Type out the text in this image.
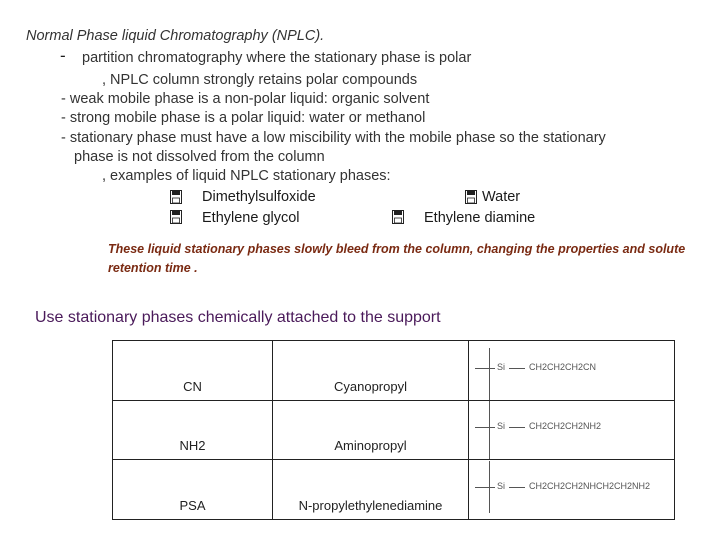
Normal Phase liquid Chromatography (NPLC).
- partition chromatography where the stationary phase is polar
, NPLC column strongly retains polar compounds
- weak mobile phase is a non-polar liquid: organic solvent
- strong mobile phase is a polar liquid: water or methanol
- stationary phase must have a low miscibility with the mobile phase so the stationary
phase is not dissolved from the column
, examples of liquid NPLC stationary phases:
Dimethylsulfoxide	Water
Ethylene glycol	Ethylene diamine
These liquid stationary phases slowly bleed from the column, changing the properties and solute retention time .
Use stationary phases chemically attached to the support
CN	Cyanopropyl	Si CH2CH2CH2CN

NH2	Aminopropyl	Si CH2CH2CH2NH2

PSA	N-propylethylenediamine	Si CH2CH2CH2NHCH2CH2NH2
